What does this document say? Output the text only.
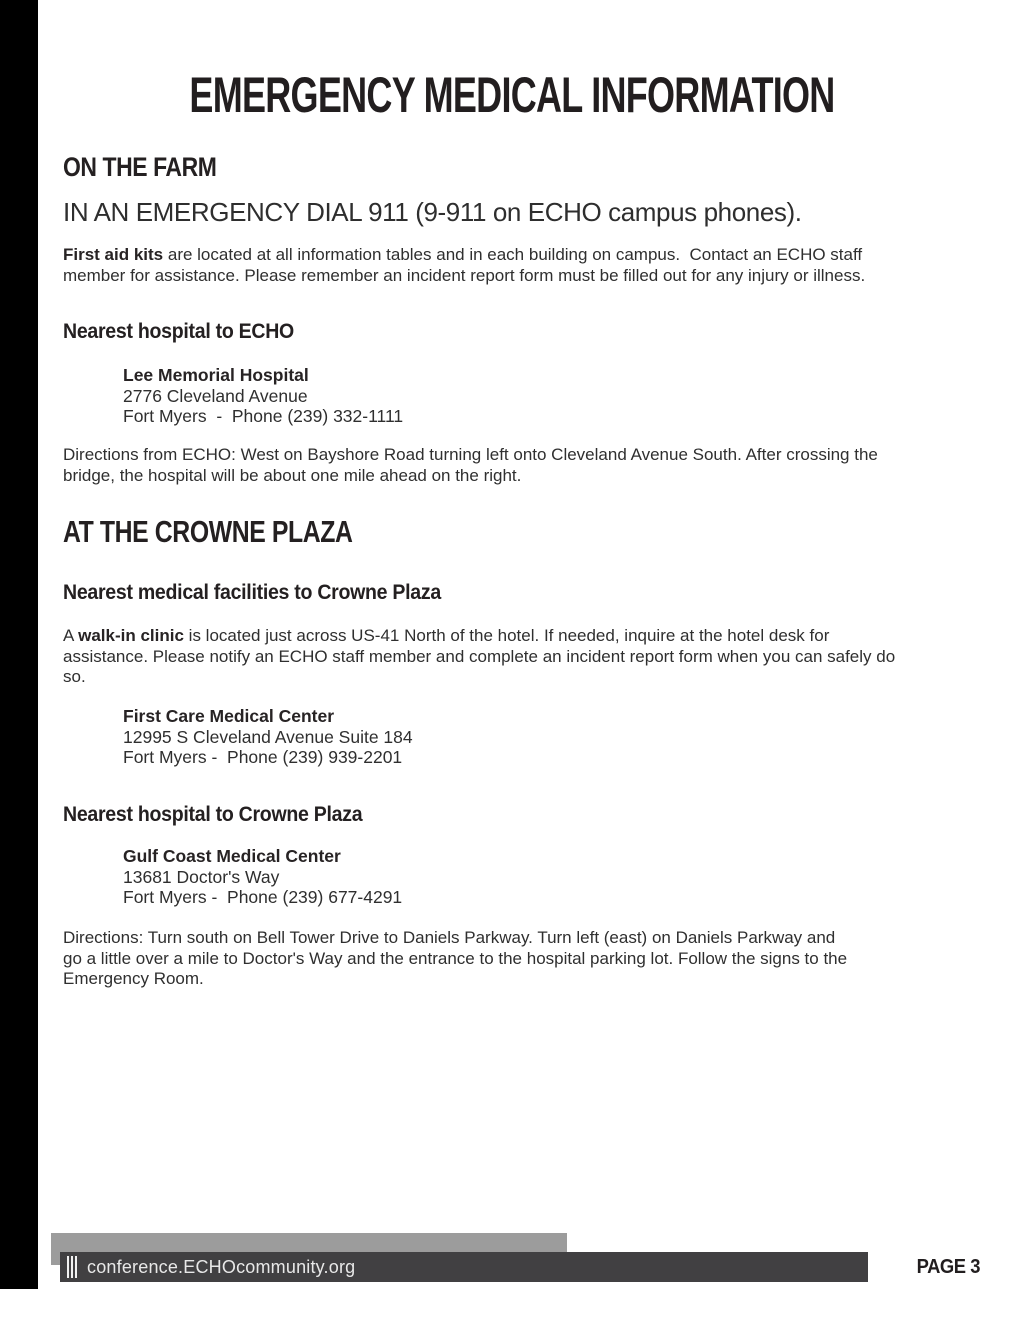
EMERGENCY MEDICAL INFORMATION
ON THE FARM
IN AN EMERGENCY DIAL 911 (9-911 on ECHO campus phones).
First aid kits are located at all information tables and in each building on campus.  Contact an ECHO staff
member for assistance. Please remember an incident report form must be filled out for any injury or illness.
Nearest hospital to ECHO
Lee Memorial Hospital
2776 Cleveland Avenue
Fort Myers  -  Phone (239) 332-1111
Directions from ECHO: West on Bayshore Road turning left onto Cleveland Avenue South. After crossing the
bridge, the hospital will be about one mile ahead on the right.
AT THE CROWNE PLAZA
Nearest medical facilities to Crowne Plaza
A walk-in clinic is located just across US-41 North of the hotel. If needed, inquire at the hotel desk for
assistance. Please notify an ECHO staff member and complete an incident report form when you can safely do
so.
First Care Medical Center
12995 S Cleveland Avenue Suite 184
Fort Myers -  Phone (239) 939-2201
Nearest hospital to Crowne Plaza
Gulf Coast Medical Center
13681 Doctor's Way
Fort Myers -  Phone (239) 677-4291
Directions: Turn south on Bell Tower Drive to Daniels Parkway. Turn left (east) on Daniels Parkway and
go a little over a mile to Doctor's Way and the entrance to the hospital parking lot. Follow the signs to the
Emergency Room.
conference.ECHOcommunity.org	PAGE 3
